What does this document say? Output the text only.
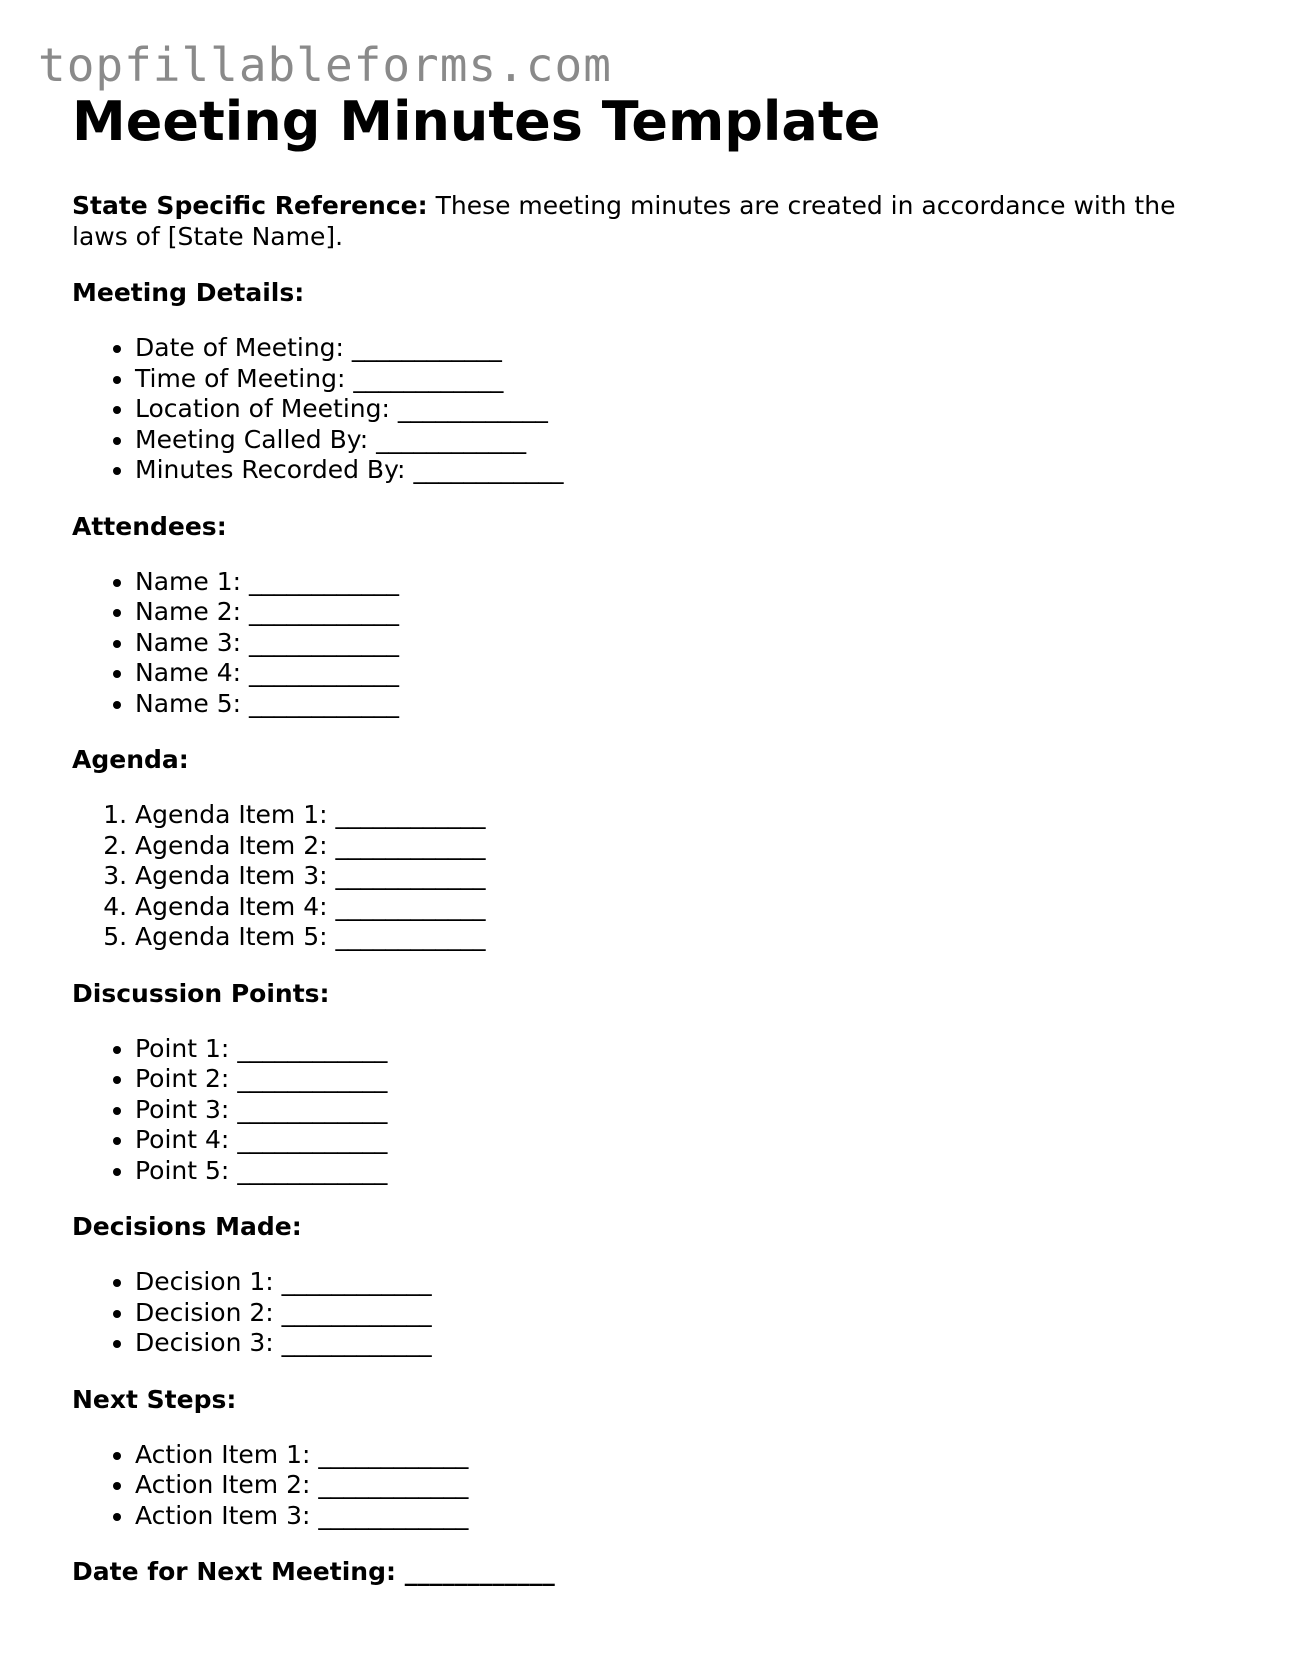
topfillableforms.com
Meeting Minutes Template

State Specific Reference: These meeting minutes are created in accordance with the laws of [State Name].

Meeting Details:

• Date of Meeting: ____________
• Time of Meeting: ____________
• Location of Meeting: ____________
• Meeting Called By: ____________
• Minutes Recorded By: ____________

Attendees:

• Name 1: ____________
• Name 2: ____________
• Name 3: ____________
• Name 4: ____________
• Name 5: ____________

Agenda:

1. Agenda Item 1: ____________
2. Agenda Item 2: ____________
3. Agenda Item 3: ____________
4. Agenda Item 4: ____________
5. Agenda Item 5: ____________

Discussion Points:

• Point 1: ____________
• Point 2: ____________
• Point 3: ____________
• Point 4: ____________
• Point 5: ____________

Decisions Made:

• Decision 1: ____________
• Decision 2: ____________
• Decision 3: ____________

Next Steps:

• Action Item 1: ____________
• Action Item 2: ____________
• Action Item 3: ____________

Date for Next Meeting: ____________
